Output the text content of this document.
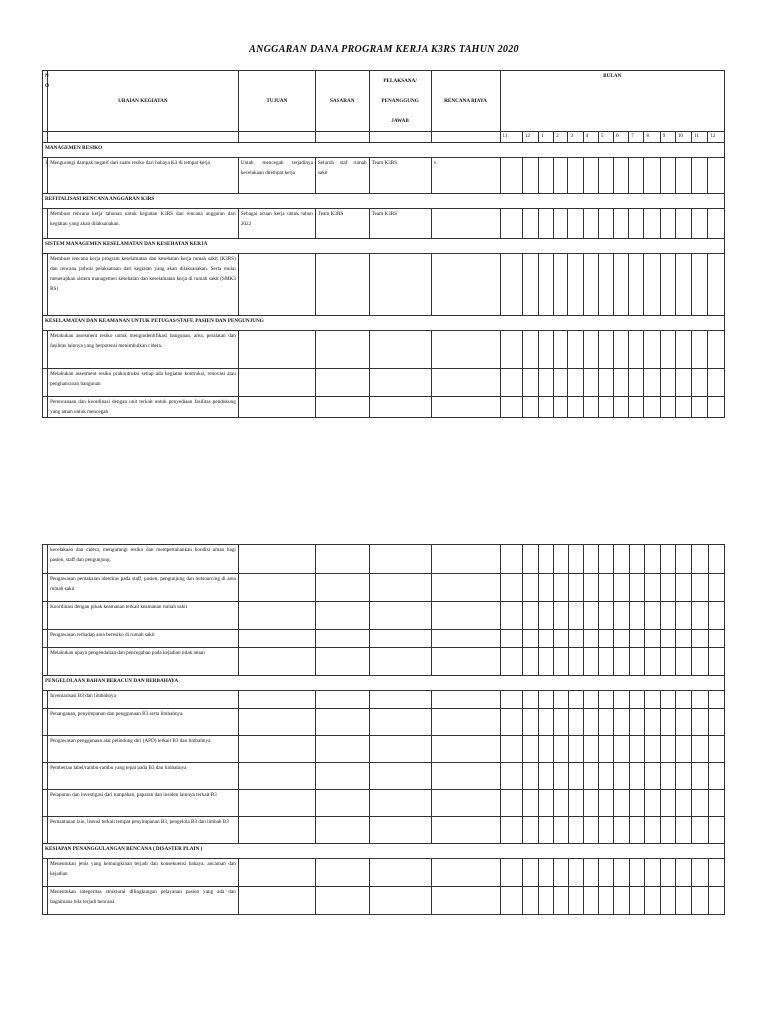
ANGGARAN DANA PROGRAM KERJA K3RS TAHUN 2020
NO	URAIAN KEGIATAN	TUJUAN	SASARAN	PELAKSANA/
PENANGGUNG
JAWAB	RENCANA BIAYA	BULAN													
						11	12	1	2	3	4	5	6	7	8	9	10	11	12
MANAGEMEN RESIKO																			
1	Mengurangi dampak negatif dari suatu resiko dari bahaya K3 di tempat kerja	Untuk mencegah terjadinya kecelakaan ditempat kerja	Seluruh staf rumah sakit	Team K3RS	x														
REFITALISASI RENCANA ANGGARAN K3RS																			
	Membuat rencana kerja tahunan untuk kegiatan K3RS dan rencana anggaran dari kegiatan yang akan dilaksanakan.	Sebagai acuan kerja untuk tahun 2022	Team K3RS	Team K3RS															
SISTEM MANAGEMEN KESELAMATAN DAN KESEHATAN KERJA																			
	Membuat rencana kerja program keselamatan dan kesehatan kerja rumah sakit (K3RS) dan rencana jadwal pelaksanaan dari kegiatan yang akan dilaksanakan. Serta mulai menerapkan sistem managemen kesehatan dan keselamatan kerja di rumah sakit (SMK3 RS)																		
KESELAMATAN DAN KEAMANAN UNTUK PETUGAS/STAFF, PASIEN DAN PENGUNJUNG																			
	Melakukan assesment resiko untuk mengindentifikasi bangunan, area, peralatan dan fasilitas lainnya yang berpotensi menimbulkan cidera.																		
	Melakukan assesment resiko prakontruksi setiap ada kegiatan kontruksi, renovasi atau penghancuran bangunan																		
	Perencanaan dan koordinasi dengan unit terkait untuk penyediaan fasilitas pendukung yang aman untuk mencegah																		
	kecelakaan dan cidera, mengurangi resiko dan mempertahankan kondisi aman bagi pasien, staff dan pengunjung.																		
	Pengawasan pemakaian identitas pada staff, pasien, pengunjung dan outsourcing di area rumah sakit																		
	Koordinasi dengan pihak keamanan terkait keamanan rumah sakit																		
	Pengawasan terhadap area beresiko di rumah sakit																		
	Melakukan upaya pengendalian dan pencegahan pada kejadian tidak aman																		
PENGELOLAAN BAHAN BERACUN DAN BERBAHAYA																			
	Inventarisasi B3 dan limbahnya																		
	Penanganan, penyimpanan dan penggunaan B3 serta limbahnya																		
	Pengawasan penggunaan alat pelindung diri (APD) terkait B3 dan limbahnya																		
	Pemberian label/rambu-rambu yang tepat pada B3 dan limbahnya																		
	Pelaporan dan investigasi dari tumpahan, paparan dan insiden lainnya terkait B3																		
	Pemantauan izin, lisensi terkait tempat penyimpanan B3, pengelola B3 dan limbah B3																		
KESIAPAN PENANGGULANGAN BENCANA ( DISASTER PLAIN )																			
	Menentukan jenis yang kemungkinan terjadi dan konsekuensi bahaya, ancaman dan kejadian																		
	Menentukan integeritas struktural dilingkungan pelayanan pasien yang ada dan bagaimana bila terjadi bencana																		
